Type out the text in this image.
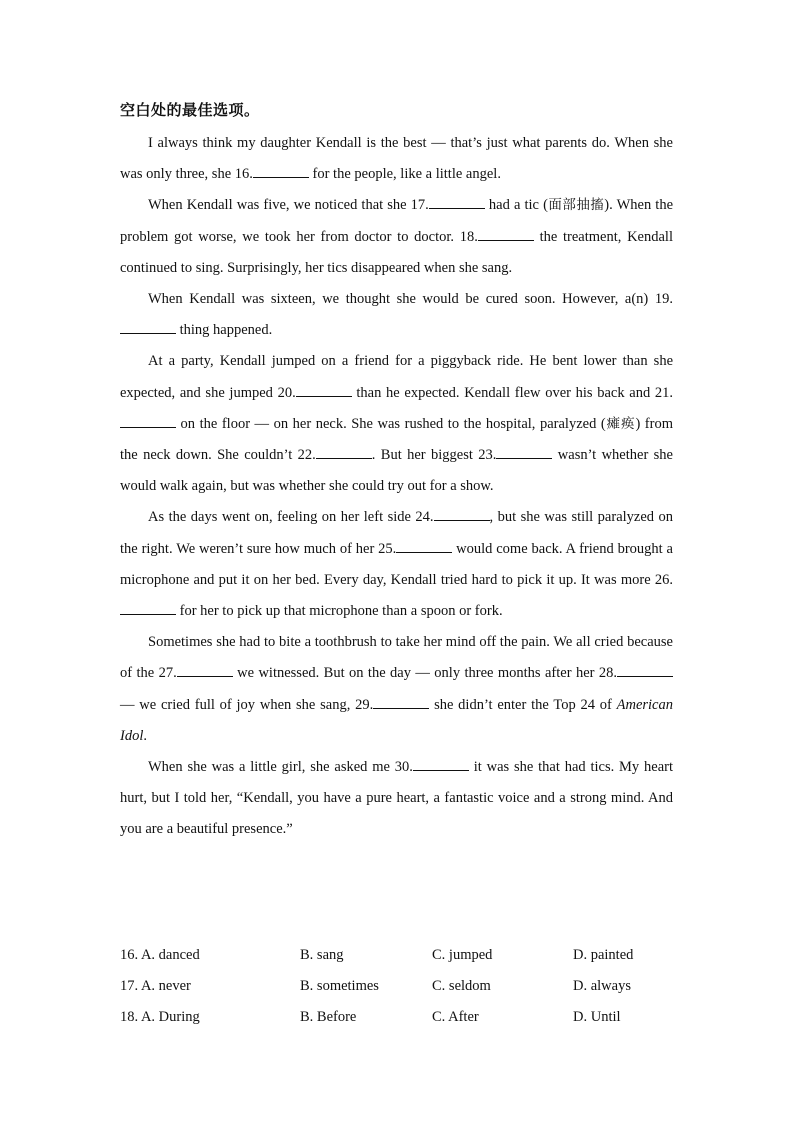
空白处的最佳选项。

I always think my daughter Kendall is the best — that’s just what parents do. When she was only three, she 16.	for the people, like a little angel.

When Kendall was five, we noticed that she 17.	had a tic (面部抽搐). When the problem got worse, we took her from doctor to doctor. 18.	the treatment, Kendall continued to sing. Surprisingly, her tics disappeared when she sang.

When Kendall was sixteen, we thought she would be cured soon. However, a(n) 19. thing happened.

At a party, Kendall jumped on a friend for a piggyback ride. He bent lower than she expected, and she jumped 20.	than he expected. Kendall flew over his back and 21. on the floor — on her neck. She was rushed to the hospital, paralyzed (瘫痪) from the neck down. She couldn’t 22.	. But her biggest 23.	wasn’t whether she would walk again, but was whether she could try out for a show.

As the days went on, feeling on her left side 24.	, but she was still paralyzed on the right. We weren’t sure how much of her 25.	would come back. A friend brought a microphone and put it on her bed. Every day, Kendall tried hard to pick it up. It was more 26. for her to pick up that microphone than a spoon or fork.

Sometimes she had to bite a toothbrush to take her mind off the pain. We all cried because of the 27.	we witnessed. But on the day — only three months after her 28. — we cried full of joy when she sang, 29.	she didn’t enter the Top 24 of American Idol.

When she was a little girl, she asked me 30.	it was she that had tics. My heart hurt, but I told her, “Kendall, you have a pure heart, a fantastic voice and a strong mind. And you are a beautiful presence.”

16. A. danced	B. sang	C. jumped	D. painted
17. A. never	B. sometimes	C. seldom	D. always
18. A. During	B. Before	C. After	D. Until
